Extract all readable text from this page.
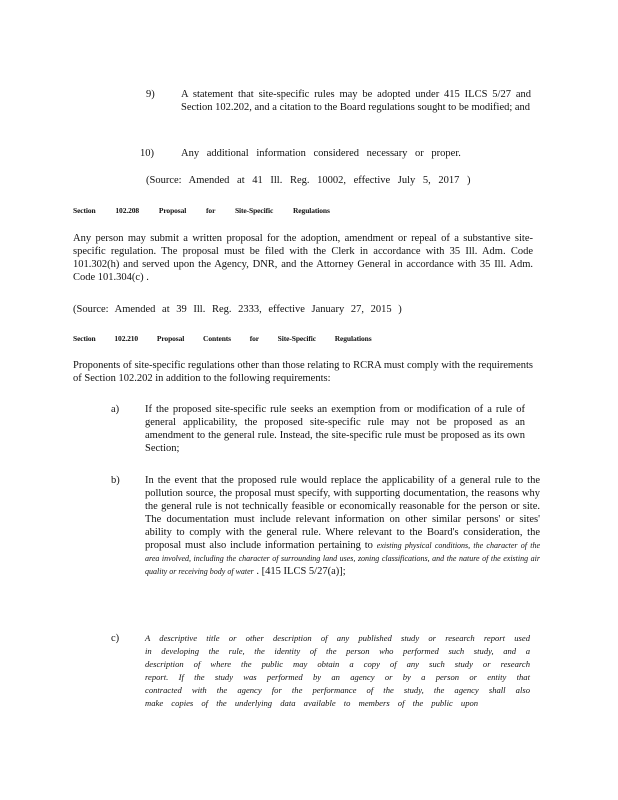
9)	A statement that site-specific rules may be adopted under 415 ILCS 5/27 and Section 102.202, and a citation to the Board regulations sought to be modified; and

10)	Any additional information considered necessary or proper.

(Source: Amended at 41 Ill. Reg. 10002, effective July 5, 2017 )
Section 102.208 Proposal for Site-Specific Regulations

Any person may submit a written proposal for the adoption, amendment or repeal of a substantive site-specific regulation. The proposal must be filed with the Clerk in accordance with 35 Ill. Adm. Code 101.302(h) and served upon the Agency, DNR, and the Attorney General in accordance with 35 Ill. Adm. Code 101.304(c) .

(Source: Amended at 39 Ill. Reg. 2333, effective January 27, 2015 )
Section 102.210 Proposal Contents for Site-Specific Regulations

Proponents of site-specific regulations other than those relating to RCRA must comply with the requirements of Section 102.202 in addition to the following requirements:

a) If the proposed site-specific rule seeks an exemption from or modification of a rule of general applicability, the proposed site-specific rule may not be proposed as an amendment to the general rule. Instead, the site-specific rule must be proposed as its own Section;

b) In the event that the proposed rule would replace the applicability of a general rule to the pollution source, the proposal must specify, with supporting documentation, the reasons why the general rule is not technically feasible or economically reasonable for the person or site. The documentation must include relevant information on other similar persons' or sites' ability to comply with the general rule. Where relevant to the Board's consideration, the proposal must also include information pertaining to existing physical conditions, the character of the area involved, including the character of surrounding land uses, zoning classifications, and the nature of the existing air quality or receiving body of water . [415 ILCS 5/27(a)];

c)	A descriptive title or other description of any published study or research report used in developing the rule, the identity of the person who performed such study, and a description of where the public may obtain a copy of any such study or research report. If the study was performed by an agency or by a person or entity that contracted with the agency for the performance of the study, the agency shall also make copies of the underlying data available to members of the public upon
